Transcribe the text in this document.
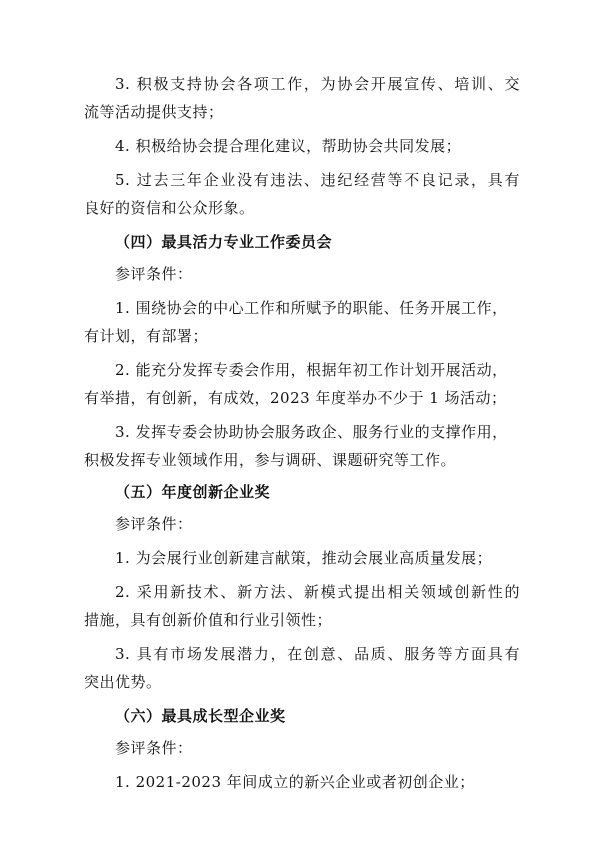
3. 积极支持协会各项工作，为协会开展宣传、培训、交

流等活动提供支持；

4. 积极给协会提合理化建议，帮助协会共同发展；

5. 过去三年企业没有违法、违纪经营等不良记录，具有

良好的资信和公众形象。

（四）最具活力专业工作委员会

参评条件：

1. 围绕协会的中心工作和所赋予的职能、任务开展工作，

有计划，有部署；

2. 能充分发挥专委会作用，根据年初工作计划开展活动，

有举措，有创新，有成效，2023 年度举办不少于 1 场活动；

3. 发挥专委会协助协会服务政企、服务行业的支撑作用，

积极发挥专业领域作用，参与调研、课题研究等工作。

（五）年度创新企业奖

参评条件：

1. 为会展行业创新建言献策，推动会展业高质量发展；

2. 采用新技术、新方法、新模式提出相关领域创新性的

措施，具有创新价值和行业引领性；

3. 具有市场发展潜力，在创意、品质、服务等方面具有

突出优势。

（六）最具成长型企业奖

参评条件：

1. 2021-2023 年间成立的新兴企业或者初创企业；
